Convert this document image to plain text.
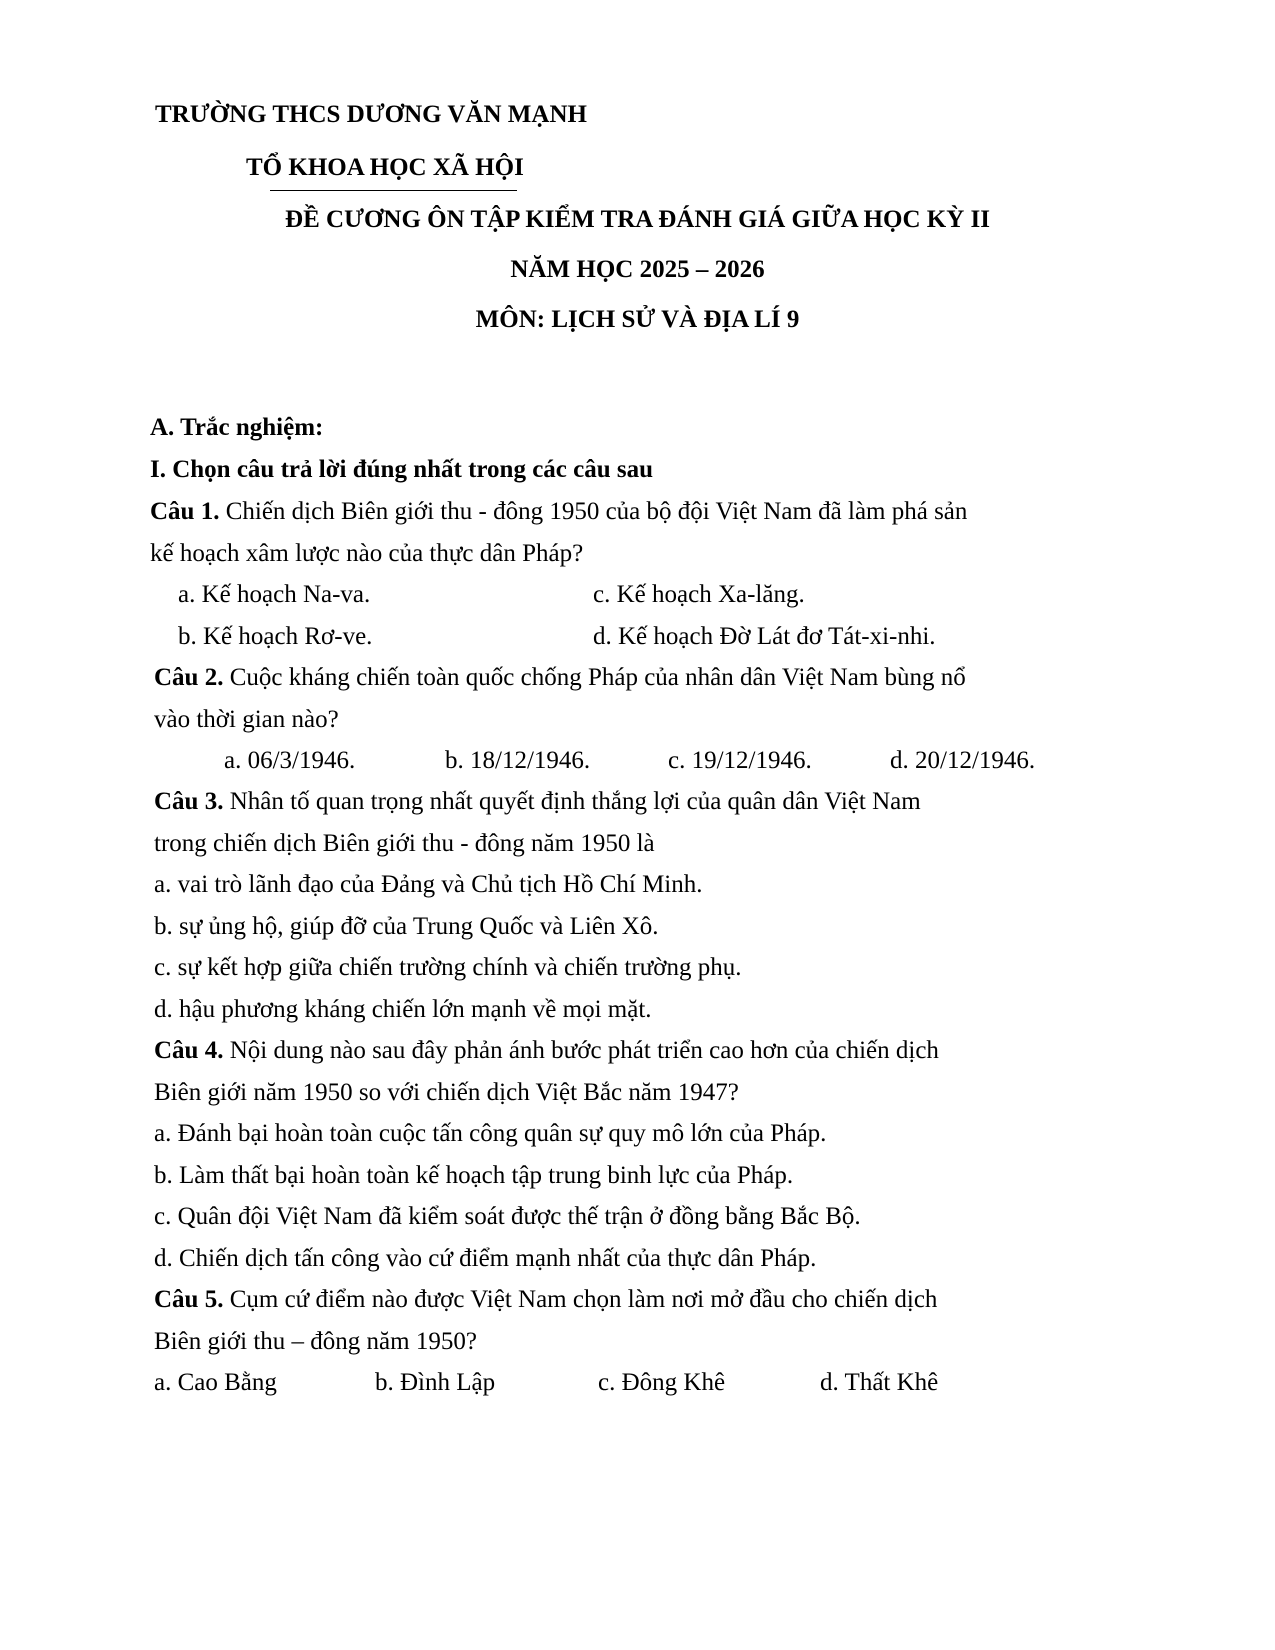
TRƯỜNG THCS DƯƠNG VĂN MẠNH
TỔ KHOA HỌC XÃ HỘI
ĐỀ CƯƠNG ÔN TẬP KIỂM TRA ĐÁNH GIÁ GIỮA HỌC KỲ II
NĂM HỌC 2025 – 2026
MÔN: LỊCH SỬ VÀ ĐỊA LÍ 9
A. Trắc nghiệm:
I. Chọn câu trả lời đúng nhất trong các câu sau
Câu 1. Chiến dịch Biên giới thu - đông 1950 của bộ đội Việt Nam đã làm phá sản
kế hoạch xâm lược nào của thực dân Pháp?
a. Kế hoạch Na-va.	c. Kế hoạch Xa-lăng.
b. Kế hoạch Rơ-ve.	d. Kế hoạch Đờ Lát đơ Tát-xi-nhi.
Câu 2. Cuộc kháng chiến toàn quốc chống Pháp của nhân dân Việt Nam bùng nổ
vào thời gian nào?
a. 06/3/1946.	b. 18/12/1946.	c. 19/12/1946.	d. 20/12/1946.
Câu 3. Nhân tố quan trọng nhất quyết định thắng lợi của quân dân Việt Nam
trong chiến dịch Biên giới thu - đông năm 1950 là
a. vai trò lãnh đạo của Đảng và Chủ tịch Hồ Chí Minh.
b. sự ủng hộ, giúp đỡ của Trung Quốc và Liên Xô.
c. sự kết hợp giữa chiến trường chính và chiến trường phụ.
d. hậu phương kháng chiến lớn mạnh về mọi mặt.
Câu 4. Nội dung nào sau đây phản ánh bước phát triển cao hơn của chiến dịch
Biên giới năm 1950 so với chiến dịch Việt Bắc năm 1947?
a. Đánh bại hoàn toàn cuộc tấn công quân sự quy mô lớn của Pháp.
b. Làm thất bại hoàn toàn kế hoạch tập trung binh lực của Pháp.
c. Quân đội Việt Nam đã kiểm soát được thế trận ở đồng bằng Bắc Bộ.
d. Chiến dịch tấn công vào cứ điểm mạnh nhất của thực dân Pháp.
Câu 5. Cụm cứ điểm nào được Việt Nam chọn làm nơi mở đầu cho chiến dịch
Biên giới thu – đông năm 1950?
a. Cao Bằng	b. Đình Lập	c. Đông Khê	d. Thất Khê
